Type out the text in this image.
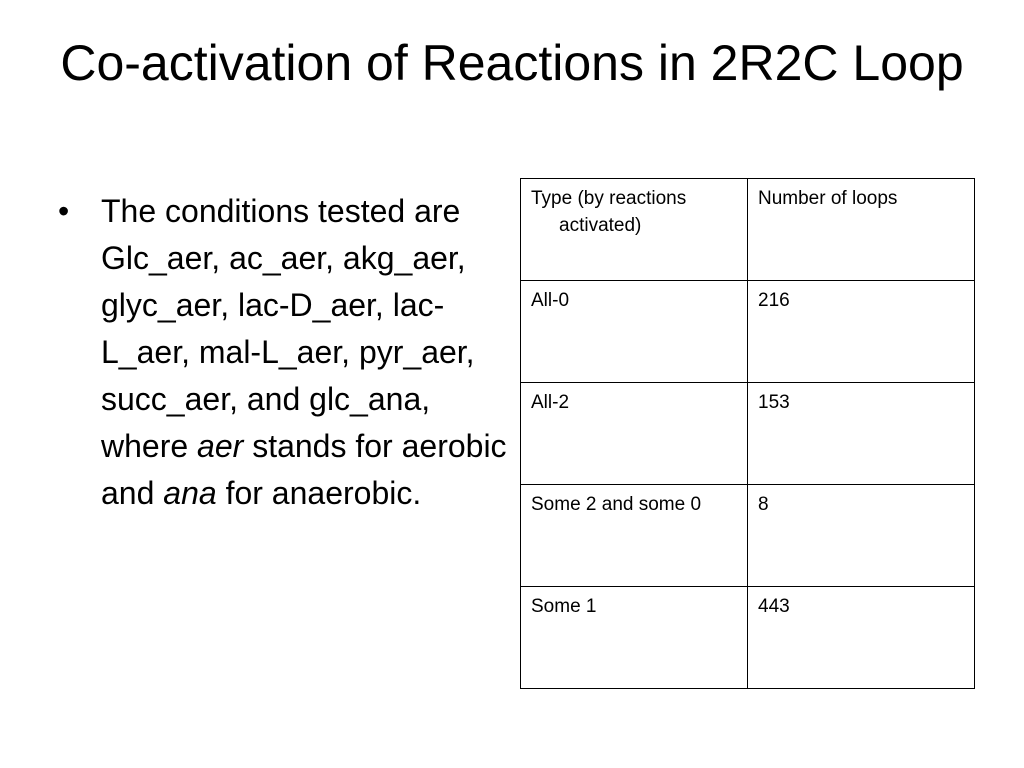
Co-activation of Reactions in 2R2C Loop
• The conditions tested are Glc_aer, ac_aer, akg_aer, glyc_aer, lac-D_aer, lac-L_aer, mal-L_aer, pyr_aer, succ_aer, and glc_ana, where aer stands for aerobic and ana for anaerobic.
Type (by reactions activated)	Number of loops
All-0	216
All-2	153
Some 2 and some 0	8
Some 1	443
